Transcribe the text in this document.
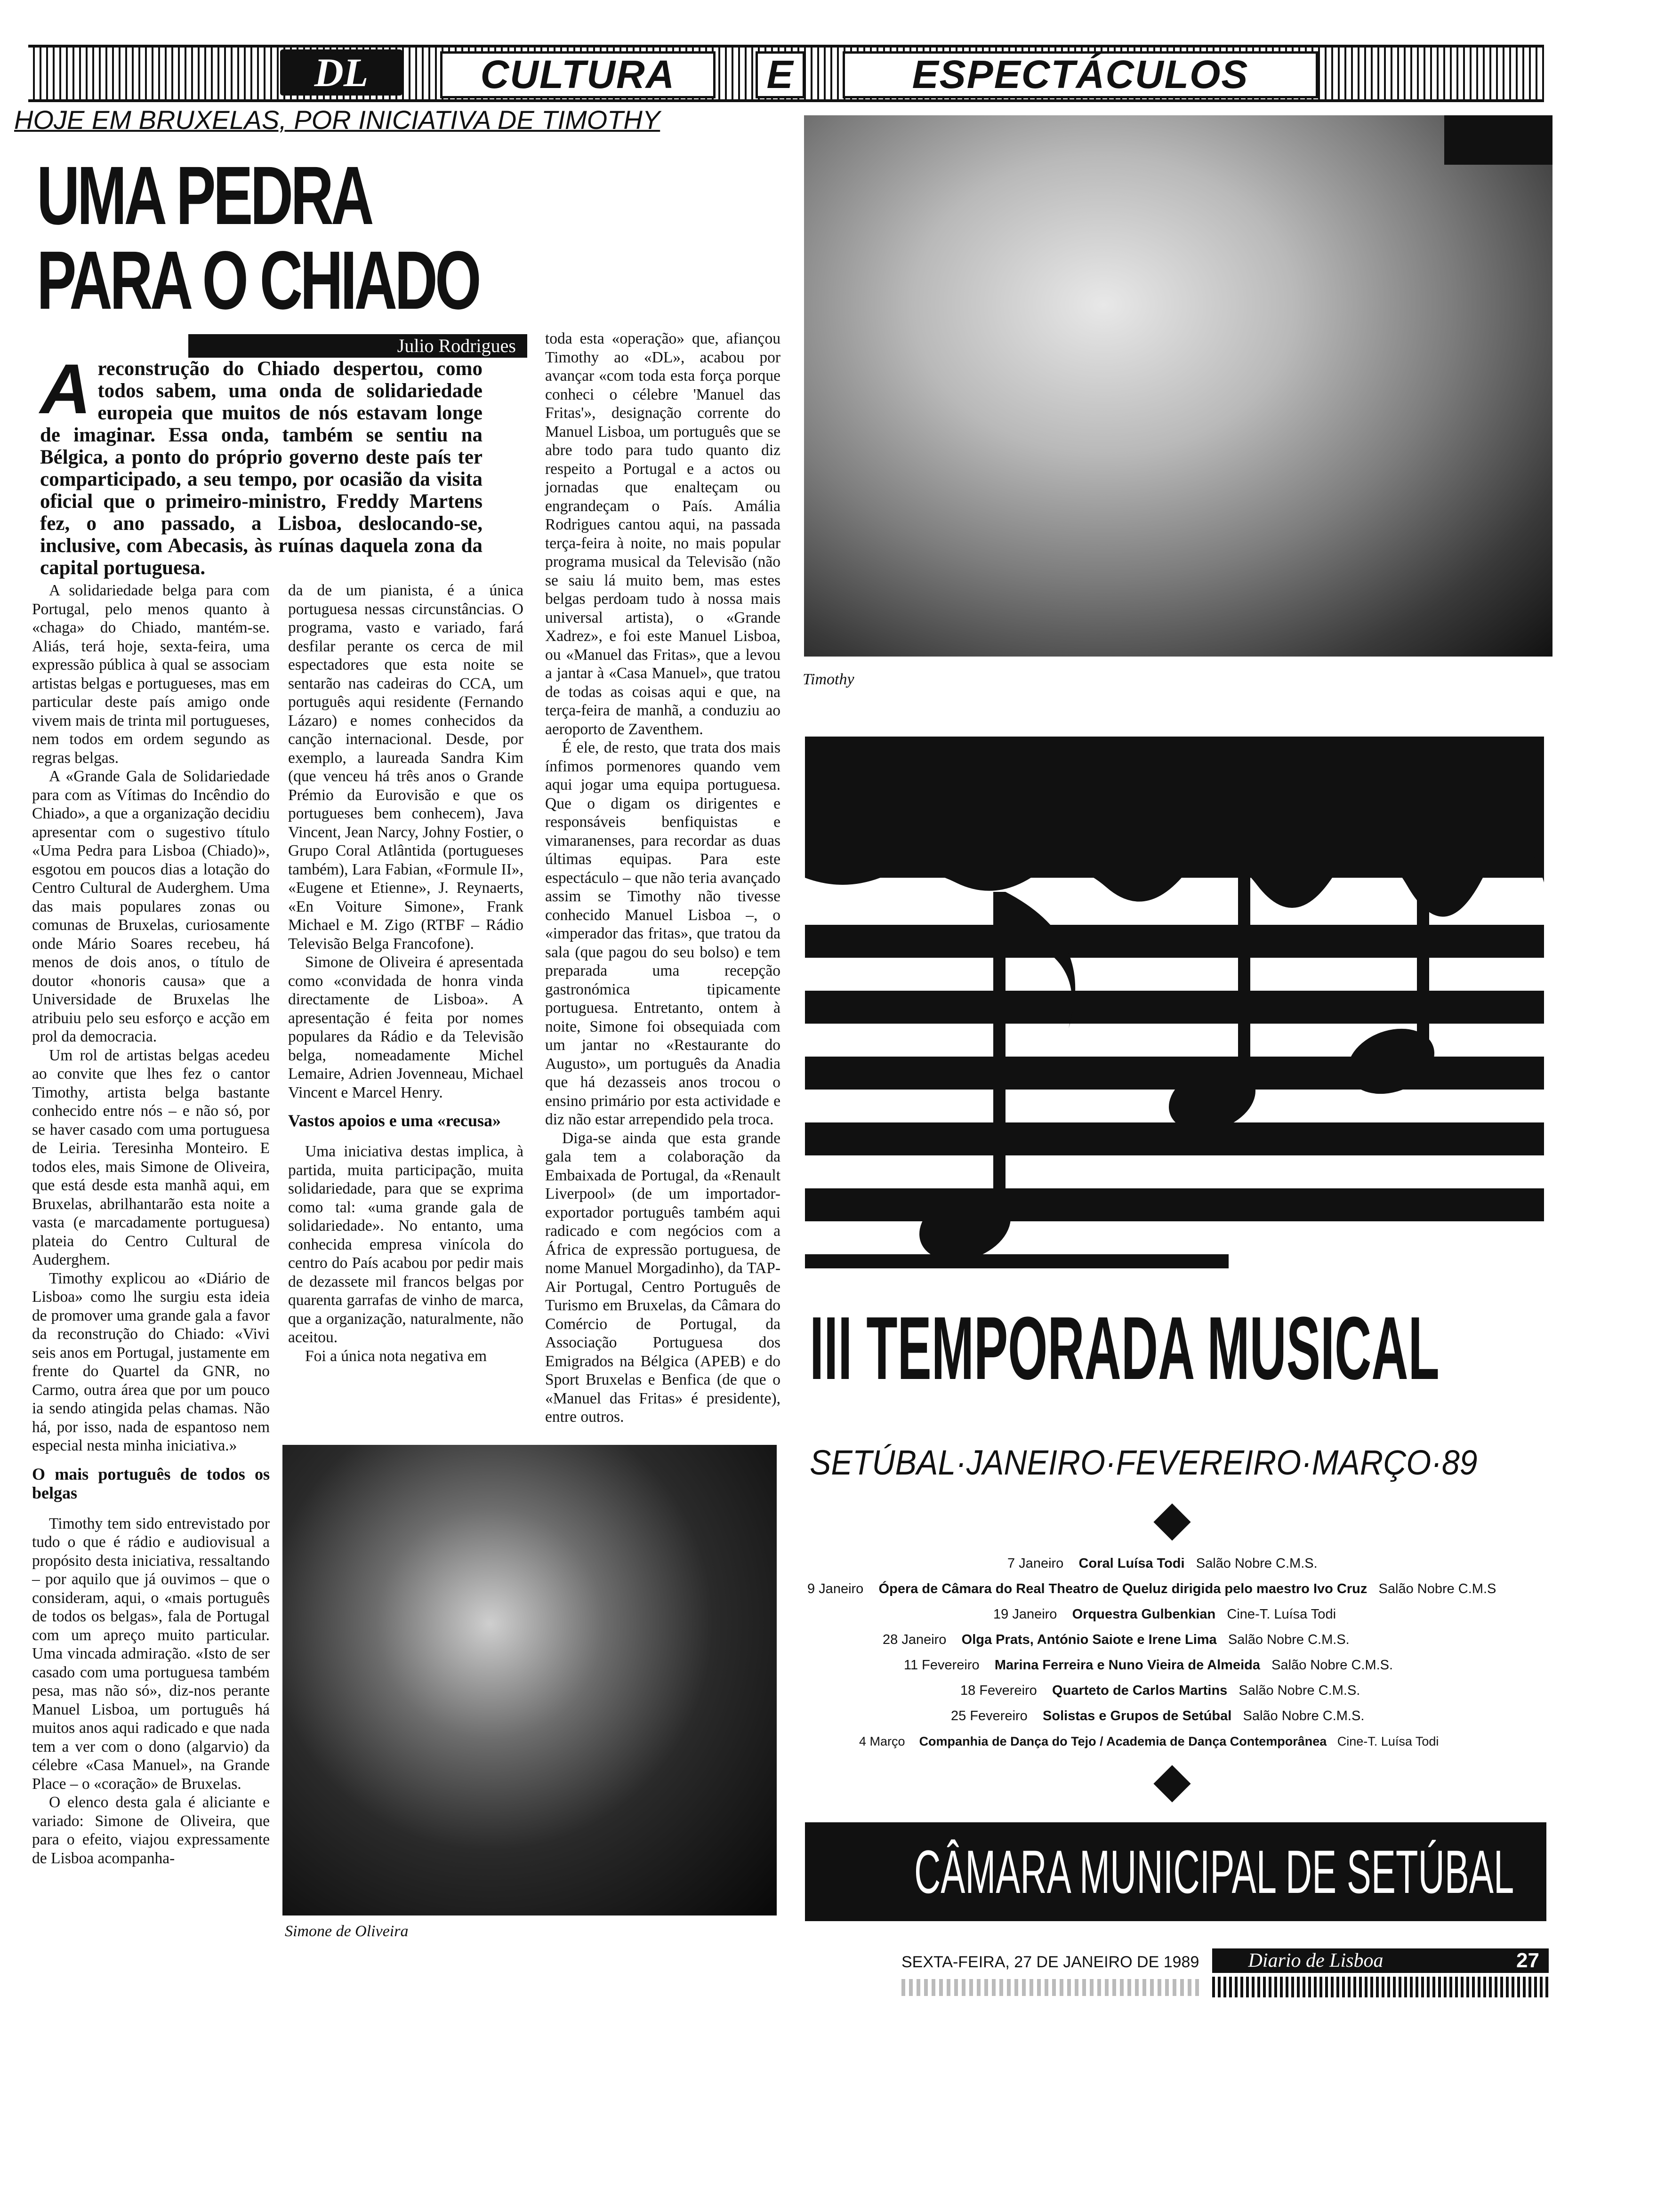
DL	CULTURA	E	ESPECTÁCULOS
HOJE EM BRUXELAS, POR INICIATIVA DE TIMOTHY
UMA PEDRA
PARA O CHIADO
Julio Rodrigues
A reconstrução do Chiado despertou, como todos sabem, uma onda de solidariedade europeia que muitos de nós estavam longe de imaginar. Essa onda, também se sentiu na Bélgica, a ponto do próprio governo deste país ter comparticipado, a seu tempo, por ocasião da visita oficial que o primeiro-ministro, Freddy Martens fez, o ano passado, a Lisboa, deslocando-se, inclusive, com Abecasis, às ruínas daquela zona da capital portuguesa.

A solidariedade belga para com Portugal, pelo menos quanto à «chaga» do Chiado, mantém-se. Aliás, terá hoje, sexta-feira, uma expressão pública à qual se associam artistas belgas e portugueses, mas em particular deste país amigo onde vivem mais de trinta mil portugueses, nem todos em ordem segundo as regras belgas.

A «Grande Gala de Solidariedade para com as Vítimas do Incêndio do Chiado», a que a organização decidiu apresentar com o sugestivo título «Uma Pedra para Lisboa (Chiado)», esgotou em poucos dias a lotação do Centro Cultural de Auderghem. Uma das mais populares zonas ou comunas de Bruxelas, curiosamente onde Mário Soares recebeu, há menos de dois anos, o título de doutor «honoris causa» que a Universidade de Bruxelas lhe atribuiu pelo seu esforço e acção em prol da democracia.

Um rol de artistas belgas acedeu ao convite que lhes fez o cantor Timothy, artista belga bastante conhecido entre nós – e não só, por se haver casado com uma portuguesa de Leiria. Teresinha Monteiro. E todos eles, mais Simone de Oliveira, que está desde esta manhã aqui, em Bruxelas, abrilhantarão esta noite a vasta (e marcadamente portuguesa) plateia do Centro Cultural de Auderghem.

Timothy explicou ao «Diário de Lisboa» como lhe surgiu esta ideia de promover uma grande gala a favor da reconstrução do Chiado: «Vivi seis anos em Portugal, justamente em frente do Quartel da GNR, no Carmo, outra área que por um pouco ia sendo atingida pelas chamas. Não há, por isso, nada de espantoso nem especial nesta minha iniciativa.»

O mais português de todos os belgas

Timothy tem sido entrevistado por tudo o que é rádio e audiovisual a propósito desta iniciativa, ressaltando – por aquilo que já ouvimos – que o consideram, aqui, o «mais português de todos os belgas», fala de Portugal com um apreço muito particular. Uma vincada admiração. «Isto de ser casado com uma portuguesa também pesa, mas não só», diz-nos perante Manuel Lisboa, um português há muitos anos aqui radicado e que nada tem a ver com o dono (algarvio) da célebre «Casa Manuel», na Grande Place – o «coração» de Bruxelas.

O elenco desta gala é aliciante e variado: Simone de Oliveira, que para o efeito, viajou expressamente de Lisboa acompanha-

da de um pianista, é a única portuguesa nessas circunstâncias. O programa, vasto e variado, fará desfilar perante os cerca de mil espectadores que esta noite se sentarão nas cadeiras do CCA, um português aqui residente (Fernando Lázaro) e nomes conhecidos da canção internacional. Desde, por exemplo, a laureada Sandra Kim (que venceu há três anos o Grande Prémio da Eurovisão e que os portugueses bem conhecem), Java Vincent, Jean Narcy, Johny Fostier, o Grupo Coral Atlântida (portugueses também), Lara Fabian, «Formule II», «Eugene et Etienne», J. Reynaerts, «En Voiture Simone», Frank Michael e M. Zigo (RTBF – Rádio Televisão Belga Francofone).

Simone de Oliveira é apresentada como «convidada de honra vinda directamente de Lisboa». A apresentação é feita por nomes populares da Rádio e da Televisão belga, nomeadamente Michel Lemaire, Adrien Jovenneau, Michael Vincent e Marcel Henry.

Vastos apoios e uma «recusa»

Uma iniciativa destas implica, à partida, muita participação, muita solidariedade, para que se exprima como tal: «uma grande gala de solidariedade». No entanto, uma conhecida empresa vinícola do centro do País acabou por pedir mais de dezassete mil francos belgas por quarenta garrafas de vinho de marca, que a organização, naturalmente, não aceitou.

Foi a única nota negativa em

toda esta «operação» que, afiançou Timothy ao «DL», acabou por avançar «com toda esta força porque conheci o célebre 'Manuel das Fritas'», designação corrente do Manuel Lisboa, um português que se abre todo para tudo quanto diz respeito a Portugal e a actos ou jornadas que enalteçam ou engrandeçam o País. Amália Rodrigues cantou aqui, na passada terça-feira à noite, no mais popular programa musical da Televisão (não se saiu lá muito bem, mas estes belgas perdoam tudo à nossa mais universal artista), o «Grande Xadrez», e foi este Manuel Lisboa, ou «Manuel das Fritas», que a levou a jantar à «Casa Manuel», que tratou de todas as coisas aqui e que, na terça-feira de manhã, a conduziu ao aeroporto de Zaventhem.

É ele, de resto, que trata dos mais ínfimos pormenores quando vem aqui jogar uma equipa portuguesa. Que o digam os dirigentes e responsáveis benfiquistas e vimaranenses, para recordar as duas últimas equipas. Para este espectáculo – que não teria avançado assim se Timothy não tivesse conhecido Manuel Lisboa –, o «imperador das fritas», que tratou da sala (que pagou do seu bolso) e tem preparada uma recepção gastronómica tipicamente portuguesa. Entretanto, ontem à noite, Simone foi obsequiada com um jantar no «Restaurante do Augusto», um português da Anadia que há dezasseis anos trocou o ensino primário por esta actividade e diz não estar arrependido pela troca.

Diga-se ainda que esta grande gala tem a colaboração da Embaixada de Portugal, da «Renault Liverpool» (de um importador-exportador português também aqui radicado e com negócios com a África de expressão portuguesa, de nome Manuel Morgadinho), da TAP-Air Portugal, Centro Português de Turismo em Bruxelas, da Câmara do Comércio de Portugal, da Associação Portuguesa dos Emigrados na Bélgica (APEB) e do Sport Bruxelas e Benfica (de que o «Manuel das Fritas» é presidente), entre outros.

Timothy
Simone de Oliveira
III TEMPORADA MUSICAL
SETÚBAL·JANEIRO·FEVEREIRO·MARÇO·89
7 Janeiro Coral Luísa Todi Salão Nobre C.M.S.
9 Janeiro Ópera de Câmara do Real Theatro de Queluz dirigida pelo maestro Ivo Cruz Salão Nobre C.M.S
19 Janeiro Orquestra Gulbenkian Cine-T. Luísa Todi
28 Janeiro Olga Prats, António Saiote e Irene Lima Salão Nobre C.M.S.
11 Fevereiro Marina Ferreira e Nuno Vieira de Almeida Salão Nobre C.M.S.
18 Fevereiro Quarteto de Carlos Martins Salão Nobre C.M.S.
25 Fevereiro Solistas e Grupos de Setúbal Salão Nobre C.M.S.
4 Março Companhia de Dança do Tejo / Academia de Dança Contemporânea Cine-T. Luísa Todi
CÂMARA MUNICIPAL DE SETÚBAL
SEXTA-FEIRA, 27 DE JANEIRO DE 1989	Diario de Lisboa	27
